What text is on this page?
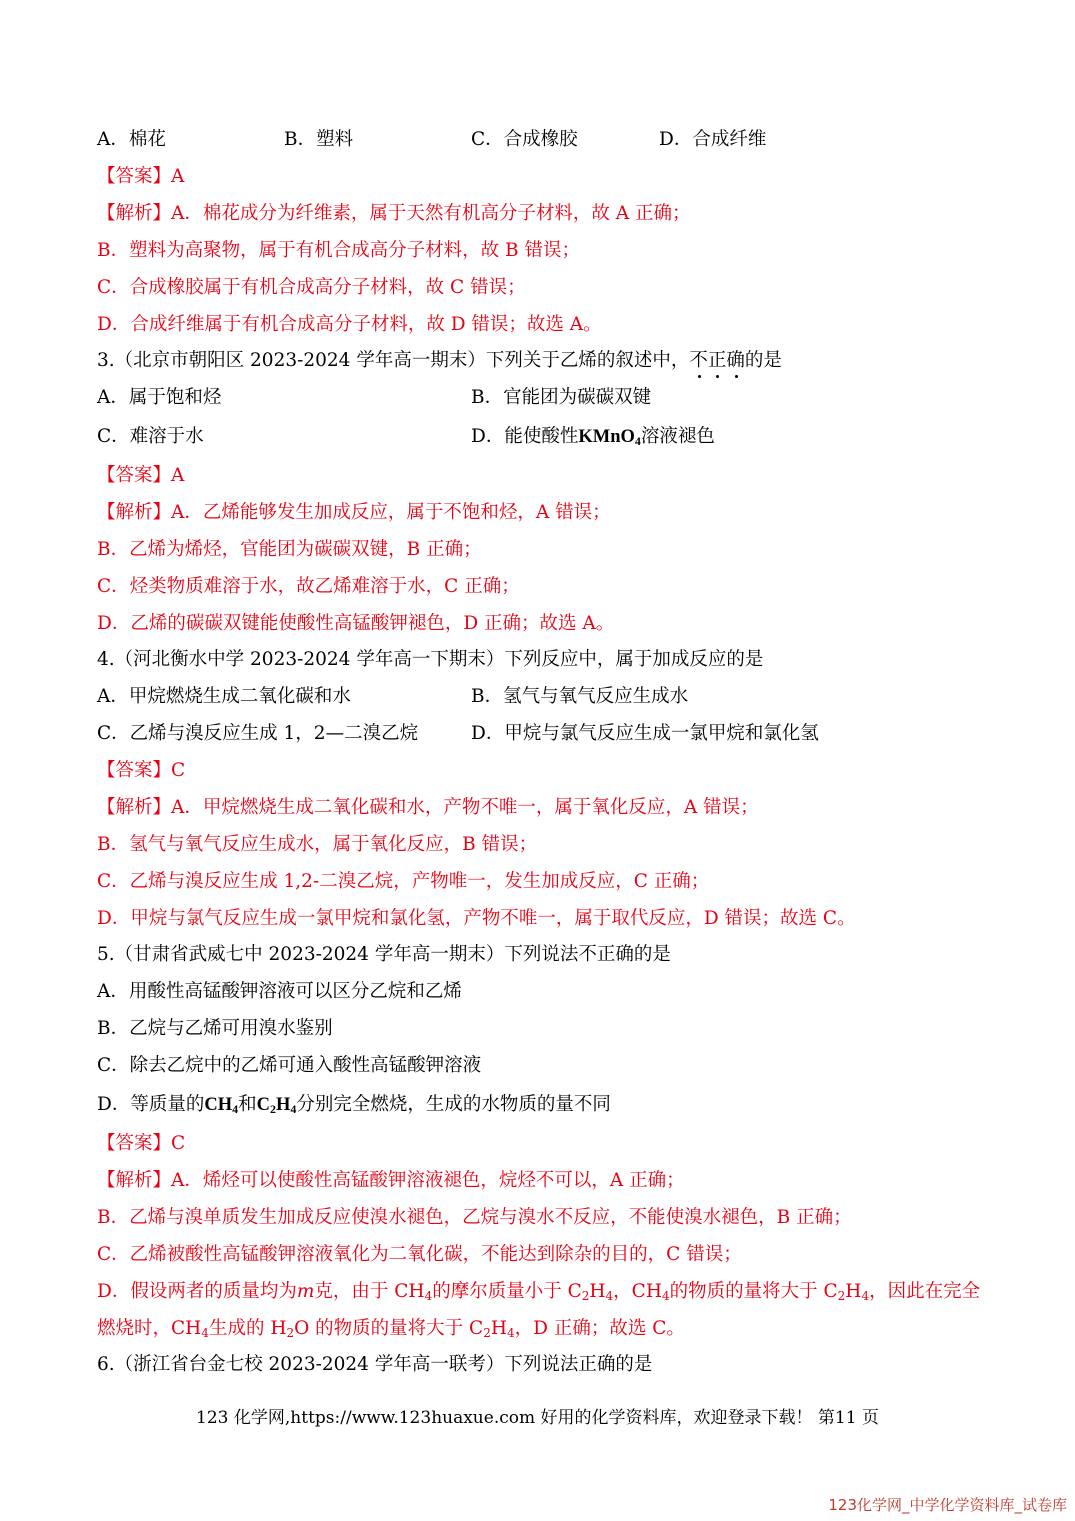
A．棉花	B．塑料	C．合成橡胶	D．合成纤维
【答案】A
【解析】A．棉花成分为纤维素，属于天然有机高分子材料，故 A 正确；
B．塑料为高聚物，属于有机合成高分子材料，故 B 错误；
C．合成橡胶属于有机合成高分子材料，故 C 错误；
D．合成纤维属于有机合成高分子材料，故 D 错误；故选 A。
3.（北京市朝阳区 2023-2024 学年高一期末）下列关于乙烯的叙述中，不正确的是
A．属于饱和烃	B．官能团为碳碳双键
C．难溶于水	D．能使酸性KMnO$_4$溶液褪色
【答案】A
【解析】A．乙烯能够发生加成反应，属于不饱和烃，A 错误；
B．乙烯为烯烃，官能团为碳碳双键，B 正确；
C．烃类物质难溶于水，故乙烯难溶于水，C 正确；
D．乙烯的碳碳双键能使酸性高锰酸钾褪色，D 正确；故选 A。
4.（河北衡水中学 2023-2024 学年高一下期末）下列反应中，属于加成反应的是
A．甲烷燃烧生成二氧化碳和水	B．氢气与氧气反应生成水
C．乙烯与溴反应生成 1，2—二溴乙烷	D．甲烷与氯气反应生成一氯甲烷和氯化氢
【答案】C
【解析】A．甲烷燃烧生成二氧化碳和水，产物不唯一，属于氧化反应，A 错误；
B．氢气与氧气反应生成水，属于氧化反应，B 错误；
C．乙烯与溴反应生成 1,2-二溴乙烷，产物唯一，发生加成反应，C 正确；
D．甲烷与氯气反应生成一氯甲烷和氯化氢，产物不唯一，属于取代反应，D 错误；故选 C。
5.（甘肃省武威七中 2023-2024 学年高一期末）下列说法不正确的是
A．用酸性高锰酸钾溶液可以区分乙烷和乙烯
B．乙烷与乙烯可用溴水鉴别
C．除去乙烷中的乙烯可通入酸性高锰酸钾溶液
D．等质量的$CH_4$和$C_2H_4$分别完全燃烧，生成的水物质的量不同
【答案】C
【解析】A．烯烃可以使酸性高锰酸钾溶液褪色，烷烃不可以，A 正确；
B．乙烯与溴单质发生加成反应使溴水褪色，乙烷与溴水不反应，不能使溴水褪色，B 正确；
C．乙烯被酸性高锰酸钾溶液氧化为二氧化碳，不能达到除杂的目的，C 错误；
D．假设两者的质量均为m克，由于 $CH_4$的摩尔质量小于 $C_2H_4$，$CH_4$的物质的量将大于 $C_2H_4$，因此在完全
燃烧时，$CH_4$生成的 $H_2O$ 的物质的量将大于 $C_2H_4$，D 正确；故选 C。
6.（浙江省台金七校 2023-2024 学年高一联考）下列说法正确的是
123 化学网,https://www.123huaxue.com 好用的化学资料库，欢迎登录下载！ 第11 页
123化学网_中学化学资料库_试卷库
